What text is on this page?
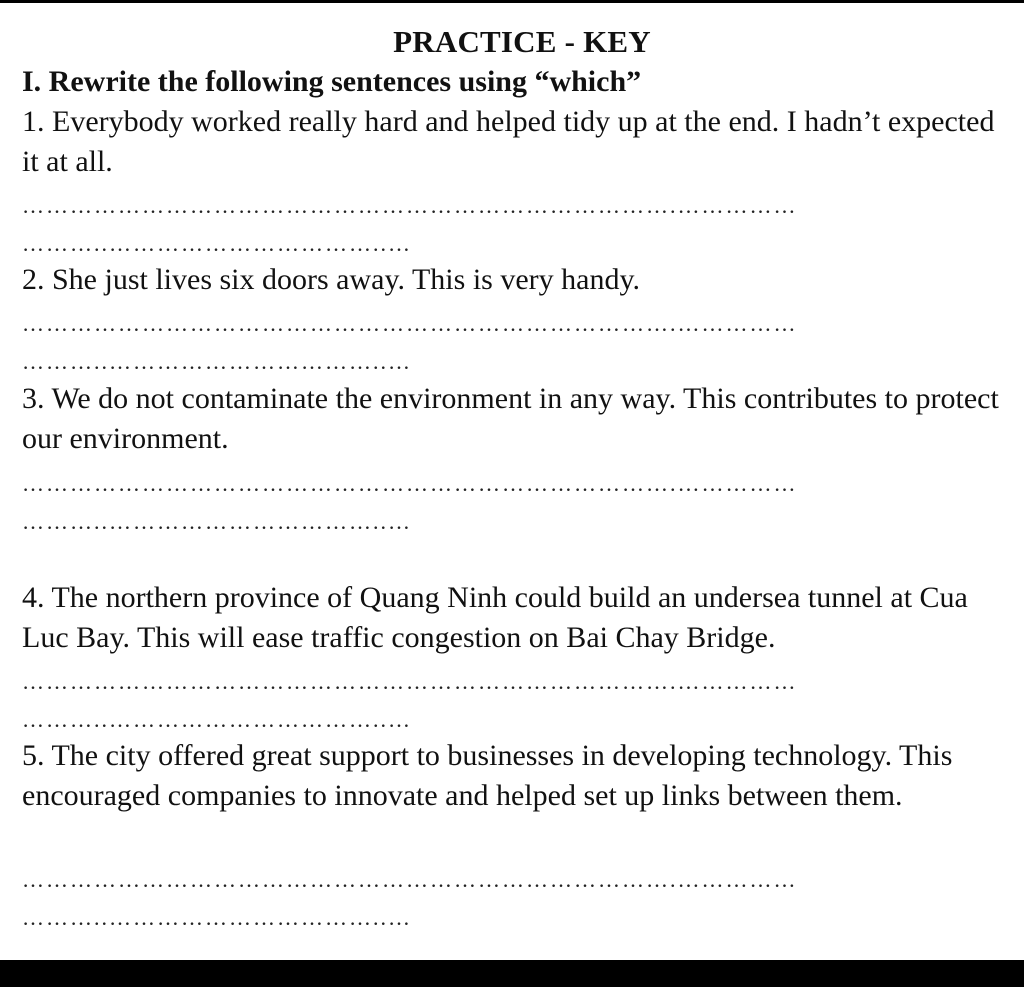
PRACTICE - KEY
I. Rewrite the following sentences using “which”
1. Everybody worked really hard and helped tidy up at the end. I hadn’t expected it at all.
……………………………………………………………………….……………
………..……………………………..…
2. She just lives six doors away. This is very handy.
……………………………………………………………………….……………
………..……………………………..…
3. We do not contaminate the environment in any way. This contributes to protect our environment.
……………………………………………………………………….……………
………..……………………………..…
4. The northern province of Quang Ninh could build an undersea tunnel at Cua Luc Bay. This will ease traffic congestion on Bai Chay Bridge.
……………………………………………………………………….……………
………..……………………………..…
5. The city offered great support to businesses in developing technology. This encouraged companies to innovate and helped set up links between them.
……………………………………………………………………….……………
………..……………………………..…
